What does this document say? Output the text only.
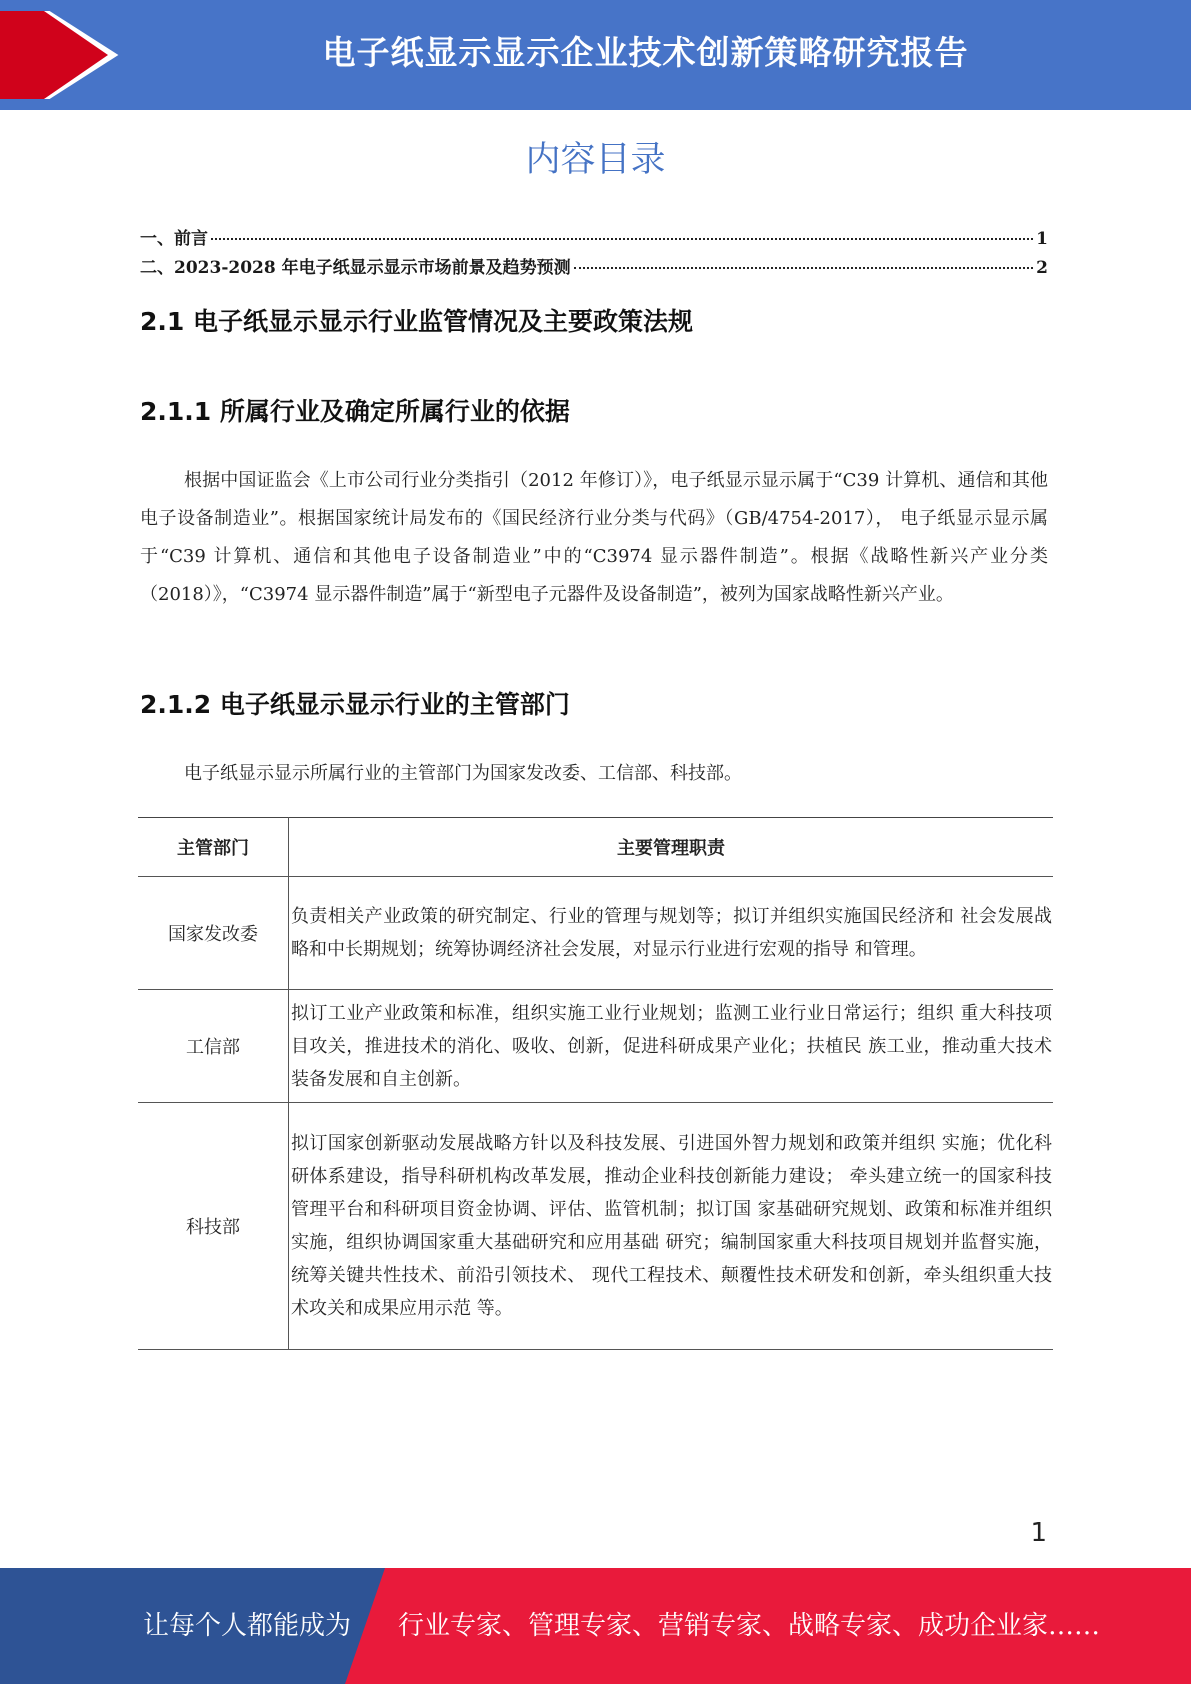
电子纸显示显示企业技术创新策略研究报告
内容目录
一、前言	1
二、2023-2028 年电子纸显示显示市场前景及趋势预测	2
2.1 电子纸显示显示行业监管情况及主要政策法规
2.1.1 所属行业及确定所属行业的依据
根据中国证监会《上市公司行业分类指引（2012 年修订）》，电子纸显示显示属于“C39 计算机、通信和其他电子设备制造业”。根据国家统计局发布的《国民经济行业分类与代码》（GB/4754-2017）， 电子纸显示显示属于“C39 计算机、通信和其他电子设备制造业”中的“C3974 显示器件制造”。根据《战略性新兴产业分类（2018）》，“C3974 显示器件制造”属于“新型电子元器件及设备制造”，被列为国家战略性新兴产业。
2.1.2 电子纸显示显示行业的主管部门
电子纸显示显示所属行业的主管部门为国家发改委、工信部、科技部。
主管部门	主要管理职责
国家发改委	负责相关产业政策的研究制定、行业的管理与规划等；拟订并组织实施国民经济和 社会发展战略和中长期规划；统筹协调经济社会发展，对显示行业进行宏观的指导 和管理。
工信部	拟订工业产业政策和标准，组织实施工业行业规划；监测工业行业日常运行；组织 重大科技项目攻关，推进技术的消化、吸收、创新，促进科研成果产业化；扶植民 族工业，推动重大技术装备发展和自主创新。
科技部	拟订国家创新驱动发展战略方针以及科技发展、引进国外智力规划和政策并组织 实施；优化科研体系建设，指导科研机构改革发展，推动企业科技创新能力建设； 牵头建立统一的国家科技管理平台和科研项目资金协调、评估、监管机制；拟订国 家基础研究规划、政策和标准并组织实施，组织协调国家重大基础研究和应用基础 研究；编制国家重大科技项目规划并监督实施，统筹关键共性技术、前沿引领技术、 现代工程技术、颠覆性技术研发和创新，牵头组织重大技术攻关和成果应用示范 等。
1
让每个人都能成为 行业专家、管理专家、营销专家、战略专家、成功企业家……
